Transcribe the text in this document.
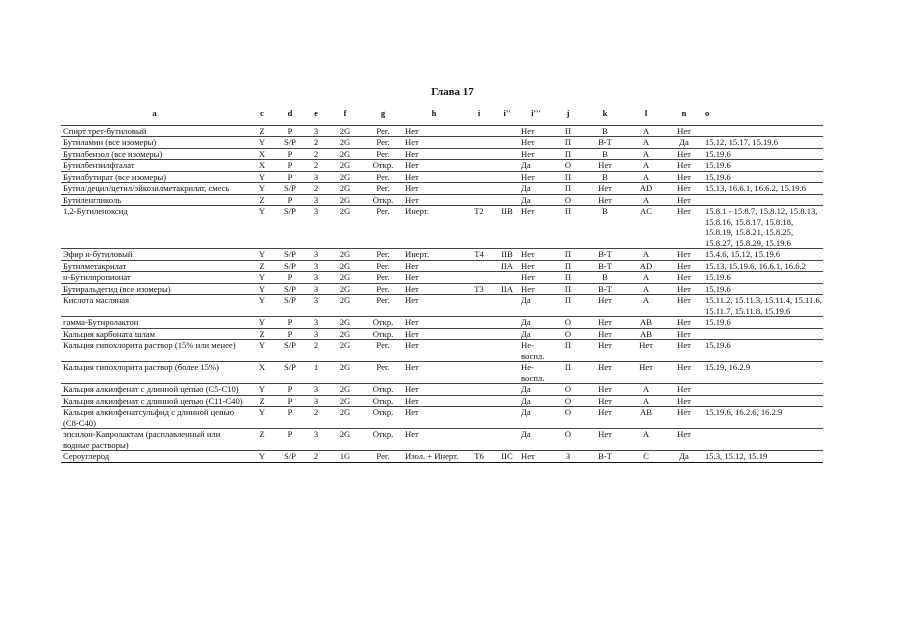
Глава 17
a	c	d	e	f	g	h	i	i''	i'''	j	k	l	n	o
Спирт трет-бутиловый	Z	P	3	2G	Рег.	Нет			Нет	П	B	A	Нет	
Бутиламин (все изомеры)	Y	S/P	2	2G	Рег.	Нет			Нет	П	B-T	A	Да	15.12, 15.17, 15.19.6
Бутилбензол (все изомеры)	X	P	2	2G	Рег.	Нет			Нет	П	B	A	Нет	15.19.6
Бутилбензилфталат	X	P	2	2G	Откр.	Нет			Да	О	Нет	A	Нет	15.19.6
Бутилбутират (все изомеры)	Y	P	3	2G	Рег.	Нет			Нет	П	B	A	Нет	15.19.6
Бутил/децил/цетил/эйкозилметакрилат, смесь	Y	S/P	2	2G	Рег.	Нет			Да	П	Нет	AD	Нет	15.13, 16.6.1, 16.6.2, 15.19.6
Бутиленгликоль	Z	P	3	2G	Откр.	Нет			Да	О	Нет	A	Нет	
1,2-Бутиленоксид	Y	S/P	3	2G	Рег.	Инерт.	T2	IIB	Нет	П	B	AC	Нет	15.8.1 - 15.8.7, 15.8.12, 15.8.13, 15.8.16, 15.8.17, 15.8.18, 15.8.19, 15.8.21, 15.8.25, 15.8.27, 15.8.29, 15.19.6
Эфир н-бутиловый	Y	S/P	3	2G	Рег.	Инерт.	T4	IIB	Нет	П	B-T	A	Нет	15.4.6, 15.12, 15.19.6
Бутилметакрилат	Z	S/P	3	2G	Рег.	Нет		IIA	Нет	П	B-T	AD	Нет	15.13, 15.19.6, 16.6.1, 16.6.2
н-Бутилпропионат	Y	P	3	2G	Рег.	Нет			Нет	П	B	A	Нет	15.19.6
Бутиральдегид (все изомеры)	Y	S/P	3	2G	Рег.	Нет	T3	IIA	Нет	П	B-T	A	Нет	15.19.6
Кислота масляная	Y	S/P	3	2G	Рег.	Нет			Да	П	Нет	A	Нет	15.11.2, 15.11.3, 15.11.4, 15.11.6, 15.11.7, 15.11.8, 15.19.6
гамма-Бутиролактон	Y	P	3	2G	Откр.	Нет			Да	О	Нет	AB	Нет	15.19.6
Кальция карбоната шлам	Z	P	3	2G	Откр.	Нет			Да	О	Нет	AB	Нет	
Кальция гипохлорита раствор (15% или менее)	Y	S/P	2	2G	Рег.	Нет			Не-воспл.	П	Нет	Нет	Нет	15.19.6
Кальция гипохлорита раствор (более 15%)	X	S/P	1	2G	Рег.	Нет			Не-воспл.	П	Нет	Нет	Нет	15.19, 16.2.9
Кальция алкилфенат с длинной цепью (C5-C10)	Y	P	3	2G	Откр.	Нет			Да	О	Нет	A	Нет	
Кальция алкилфенат с длинной цепью (C11-C40)	Z	P	3	2G	Откр.	Нет			Да	О	Нет	A	Нет	
Кальция алкилфенатсульфид с длинной цепью (C8-C40)	Y	P	2	2G	Откр.	Нет			Да	О	Нет	AB	Нет	15.19.6, 16.2.6, 16.2.9
эпсилон-Капролактам (расплавленный или водные растворы)	Z	P	3	2G	Откр.	Нет			Да	О	Нет	A	Нет	
Сероуглерод	Y	S/P	2	1G	Рег.	Изол. + Инерт.	T6	IIC	Нет	З	B-T	C	Да	15.3, 15.12, 15.19
